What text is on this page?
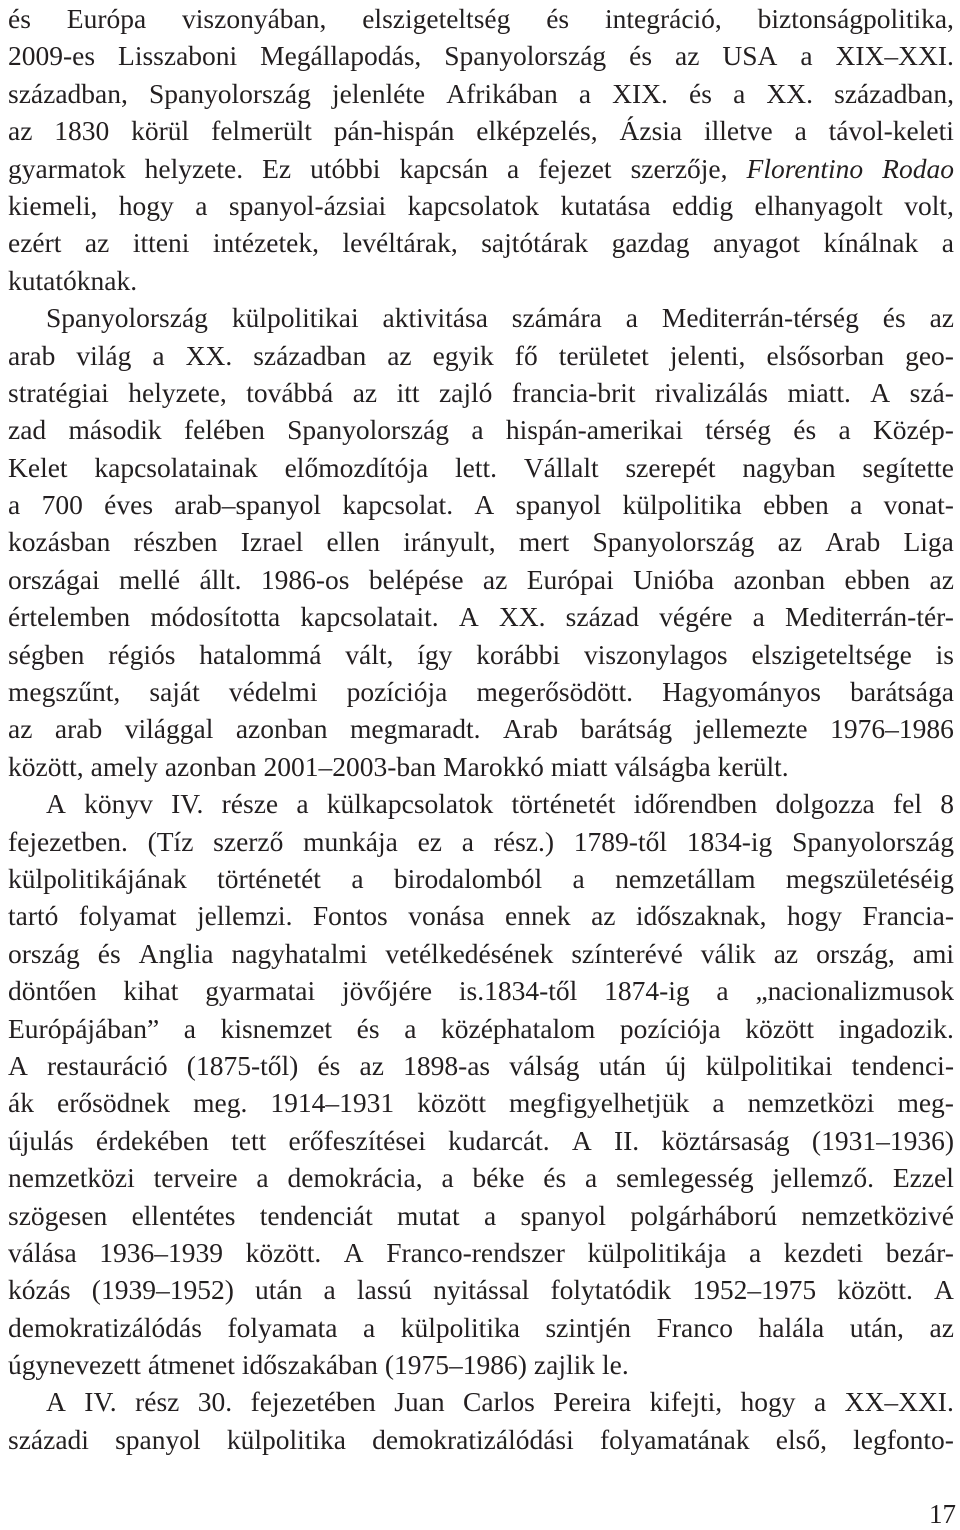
és Európa viszonyában, elszigeteltség és integráció, biztonságpolitika,
2009-es Lisszaboni Megállapodás, Spanyolország és az USA a XIX–XXI.
században, Spanyolország jelenléte Afrikában a XIX. és a XX. században,
az 1830 körül felmerült pán-hispán elképzelés, Ázsia illetve a távol-keleti
gyarmatok helyzete. Ez utóbbi kapcsán a fejezet szerzője, Florentino Rodao
kiemeli, hogy a spanyol-ázsiai kapcsolatok kutatása eddig elhanyagolt volt,
ezért az itteni intézetek, levéltárak, sajtótárak gazdag anyagot kínálnak a
kutatóknak.
Spanyolország külpolitikai aktivitása számára a Mediterrán-térség és az
arab világ a XX. században az egyik fő területet jelenti, elsősorban geo-
stratégiai helyzete, továbbá az itt zajló francia-brit rivalizálás miatt. A szá-
zad második felében Spanyolország a hispán-amerikai térség és a Közép-
Kelet kapcsolatainak előmozdítója lett. Vállalt szerepét nagyban segítette
a 700 éves arab–spanyol kapcsolat. A spanyol külpolitika ebben a vonat-
kozásban részben Izrael ellen irányult, mert Spanyolország az Arab Liga
országai mellé állt. 1986-os belépése az Európai Unióba azonban ebben az
értelemben módosította kapcsolatait. A XX. század végére a Mediterrán-tér-
ségben régiós hatalommá vált, így korábbi viszonylagos elszigeteltsége is
megszűnt, saját védelmi pozíciója megerősödött. Hagyományos barátsága
az arab világgal azonban megmaradt. Arab barátság jellemezte 1976–1986
között, amely azonban 2001–2003-ban Marokkó miatt válságba került.
A könyv IV. része a külkapcsolatok történetét időrendben dolgozza fel 8
fejezetben. (Tíz szerző munkája ez a rész.) 1789-től 1834-ig Spanyolország
külpolitikájának történetét a birodalomból a nemzetállam megszületéséig
tartó folyamat jellemzi. Fontos vonása ennek az időszaknak, hogy Francia-
ország és Anglia nagyhatalmi vetélkedésének színterévé válik az ország, ami
döntően kihat gyarmatai jövőjére is.1834-től 1874-ig a „nacionalizmusok
Európájában” a kisnemzet és a középhatalom pozíciója között ingadozik.
A restauráció (1875-től) és az 1898-as válság után új külpolitikai tendenci-
ák erősödnek meg. 1914–1931 között megfigyelhetjük a nemzetközi meg-
újulás érdekében tett erőfeszítései kudarcát. A II. köztársaság (1931–1936)
nemzetközi terveire a demokrácia, a béke és a semlegesség jellemző. Ezzel
szögesen ellentétes tendenciát mutat a spanyol polgárháború nemzetközivé
válása 1936–1939 között. A Franco-rendszer külpolitikája a kezdeti bezár-
kózás (1939–1952) után a lassú nyitással folytatódik 1952–1975 között. A
demokratizálódás folyamata a külpolitika szintjén Franco halála után, az
úgynevezett átmenet időszakában (1975–1986) zajlik le.
A IV. rész 30. fejezetében Juan Carlos Pereira kifejti, hogy a XX–XXI.
századi spanyol külpolitika demokratizálódási folyamatának első, legfonto-
17
